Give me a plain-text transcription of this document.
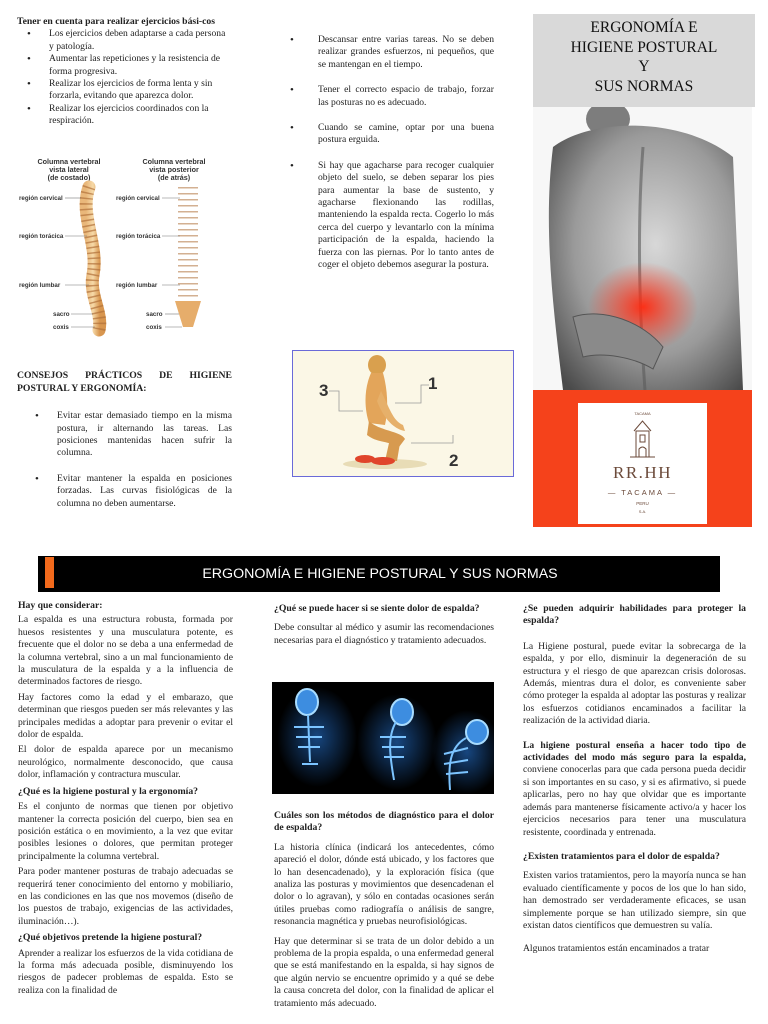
Tener en cuenta para realizar ejercicios bási-cos

• Los ejercicios deben adaptarse a cada persona y patología.
• Aumentar las repeticiones y la resistencia de forma progresiva.
• Realizar los ejercicios de forma lenta y sin forzarla, evitando que aparezca dolor.
• Realizar los ejercicios coordinados con la respiración.
Columna vertebral
vista lateral
(de costado)
Columna vertebral
vista posterior
(de atrás)
región cervical
región torácica
región lumbar
sacro
coxis
región cervical
región torácica
región lumbar
sacro
coxis

CONSEJOS PRÁCTICOS DE HIGIENE POSTURAL Y ERGONOMÍA:

• Evitar estar demasiado tiempo en la misma postura, ir alternando las tareas. Las posiciones mantenidas hacen sufrir la columna.
• Evitar mantener la espalda en posiciones forzadas. Las curvas fisiológicas de la columna no deben aumentarse.
• Descansar entre varias tareas. No se deben realizar grandes esfuerzos, ni pequeños, que se mantengan en el tiempo.
• Tener el correcto espacio de trabajo, forzar las posturas no es adecuado.
• Cuando se camine, optar por una buena postura erguida.
• Si hay que agacharse para recoger cualquier objeto del suelo, se deben separar los pies para aumentar la base de sustento, y agacharse flexionando las rodillas, manteniendo la espalda recta. Cogerlo lo más cerca del cuerpo y levantarlo con la mínima participación de la espalda, haciendo la fuerza con las piernas. Por lo tanto antes de coger el objeto debemos asegurar la postura.
3	1
2
ERGONOMÍA E
HIGIENE POSTURAL
Y
SUS NORMAS
TACAMA
RR.HH
— TACAMA —
PERU
S.A.
ERGONOMÍA E HIGIENE POSTURAL Y SUS NORMAS

Hay que considerar:

La espalda es una estructura robusta, formada por huesos resistentes y una musculatura potente, es frecuente que el dolor no se deba a una enfermedad de la columna vertebral, sino a un mal funcionamiento de la musculatura de la espalda y a la influencia de determinados factores de riesgo.

Hay factores como la edad y el embarazo, que determinan que riesgos pueden ser más relevantes y las principales medidas a adoptar para prevenir o evitar el dolor de espalda.

El dolor de espalda aparece por un mecanismo neurológico, normalmente desconocido, que causa dolor, inflamación y contractura muscular.

¿Qué es la higiene postural y la ergonomía?

Es el conjunto de normas que tienen por objetivo mantener la correcta posición del cuerpo, bien sea en posición estática o en movimiento, a la vez que evitar posibles lesiones o dolores, que permitan proteger principalmente la columna vertebral.

Para poder mantener posturas de trabajo adecuadas se requerirá tener conocimiento del entorno y mobiliario, en las condiciones en las que nos movemos (diseño de los puestos de trabajo, exigencias de las actividades, iluminación…).

¿Qué objetivos pretende la higiene postural?

Aprender a realizar los esfuerzos de la vida cotidiana de la forma más adecuada posible, disminuyendo los riesgos de padecer problemas de espalda. Esto se realiza con la finalidad de

¿Qué se puede hacer si se siente dolor de espalda?

Debe consultar al médico y asumir las recomendaciones necesarias para el diagnóstico y tratamiento adecuados.

Cuáles son los métodos de diagnóstico para el dolor de espalda?

La historia clínica (indicará los antecedentes, cómo apareció el dolor, dónde está ubicado, y los factores que lo han desencadenado), y la exploración física (que analiza las posturas y movimientos que desencadenan el dolor o lo agravan), y sólo en contadas ocasiones serán útiles pruebas como radiografía o análisis de sangre, resonancia magnética y pruebas neurofisiológicas.

Hay que determinar si se trata de un dolor debido a un problema de la propia espalda, o una enfermedad general que se está manifestando en la espalda, si hay signos de que algún nervio se encuentre oprimido y a qué se debe la causa concreta del dolor, con la finalidad de aplicar el tratamiento más adecuado.

¿Se pueden adquirir habilidades para proteger la espalda?

La Higiene postural, puede evitar la sobrecarga de la espalda, y por ello, disminuir la degeneración de su estructura y el riesgo de que aparezcan crisis dolorosas. Además, mientras dura el dolor, es conveniente saber cómo proteger la espalda al adoptar las posturas y realizar los esfuerzos cotidianos encaminados a facilitar la realización de la actividad diaria.

La higiene postural enseña a hacer todo tipo de actividades del modo más seguro para la espalda, conviene conocerlas para que cada persona pueda decidir si son importantes en su caso, y si es afirmativo, si puede aplicarlas, pero no hay que olvidar que es importante además para mantenerse físicamente activo/a y hacer los ejercicios necesarios para tener una musculatura resistente, coordinada y entrenada.

¿Existen tratamientos para el dolor de espalda?

Existen varios tratamientos, pero la mayoría nunca se han evaluado científicamente y pocos de los que lo han sido, han demostrado ser verdaderamente eficaces, se usan simplemente porque se han utilizado siempre, sin que existan datos científicos que demuestren su valía.

Algunos tratamientos están encaminados a tratar
